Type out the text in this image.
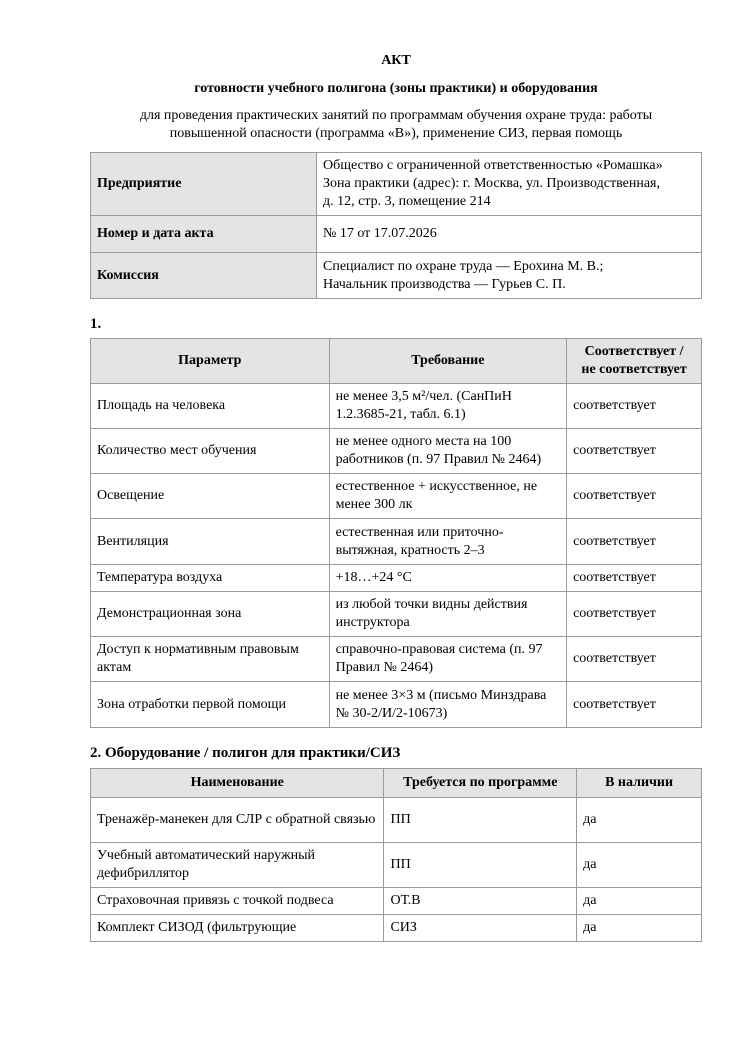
АКТ
готовности учебного полигона (зоны практики) и оборудования
для проведения практических занятий по программам обучения охране труда: работы
повышенной опасности (программа «В»), применение СИЗ, первая помощь
Предприятие	Общество с ограниченной ответственностью «Ромашка»
Зона практики (адрес): г. Москва, ул. Производственная,
д. 12, стр. 3, помещение 214

Номер и дата акта	№ 17 от 17.07.2026
Комиссия	Специалист по охране труда — Ерохина М. В.;
Начальник производства — Гурьев С. П.
1.
Параметр	Требование	Соответствует /
не соответствует

Площадь на человека	не менее 3,5 м²/чел. (СанПиН 1.2.3685-21, табл. 6.1)	соответствует
Количество мест обучения	не менее одного места на 100 работников (п. 97 Правил № 2464)	соответствует
Освещение	естественное + искусственное, не менее 300 лк	соответствует
Вентиляция	естественная или приточно-вытяжная, кратность 2–3	соответствует
Температура воздуха	+18…+24 °С	соответствует
Демонстрационная зона	из любой точки видны действия инструктора	соответствует
Доступ к нормативным правовым актам	справочно-правовая система (п. 97 Правил № 2464)	соответствует
Зона отработки первой помощи	не менее 3×3 м (письмо Минздрава № 30-2/И/2-10673)	соответствует
2. Оборудование / полигон для практики/СИЗ
Наименование	Требуется по программе	В наличии
Тренажёр-манекен для СЛР с обратной связью	ПП	да
Учебный автоматический наружный дефибриллятор	ПП	да
Страховочная привязь с точкой подвеса	ОТ.В	да
Комплект СИЗОД (фильтрующие	СИЗ	да
